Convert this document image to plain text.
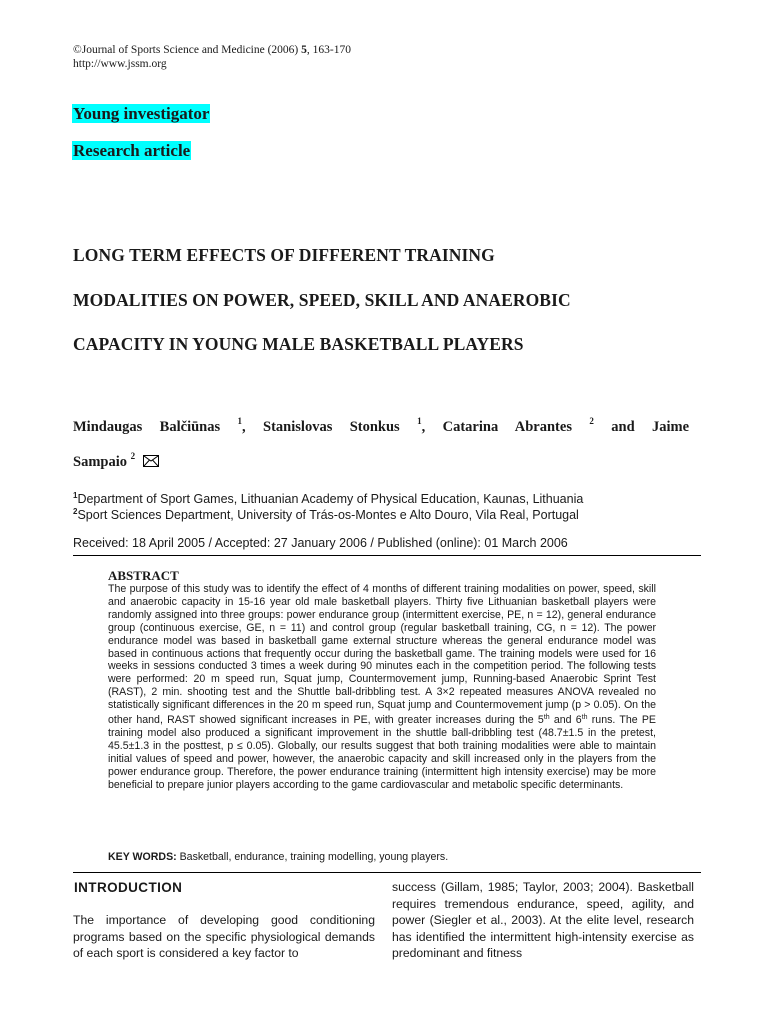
©Journal of Sports Science and Medicine (2006) 5, 163-170
http://www.jssm.org
Young investigator
Research article
LONG TERM EFFECTS OF DIFFERENT TRAINING
MODALITIES ON POWER, SPEED, SKILL AND ANAEROBIC
CAPACITY IN YOUNG MALE BASKETBALL PLAYERS
Mindaugas Balčiūnas $^1$, Stanislovas Stonkus $^1$, Catarina Abrantes $^2$ and Jaime
Sampaio $^2$
$^1$Department of Sport Games, Lithuanian Academy of Physical Education, Kaunas, Lithuania
$^2$Sport Sciences Department, University of Trás-os-Montes e Alto Douro, Vila Real, Portugal
Received: 18 April 2005 / Accepted: 27 January 2006 / Published (online): 01 March 2006
ABSTRACT
The purpose of this study was to identify the effect of 4 months of different training modalities on power, speed, skill and anaerobic capacity in 15-16 year old male basketball players. Thirty five Lithuanian basketball players were randomly assigned into three groups: power endurance group (intermittent exercise, PE, n = 12), general endurance group (continuous exercise, GE, n = 11) and control group (regular basketball training, CG, n = 12). The power endurance model was based in basketball game external structure whereas the general endurance model was based in continuous actions that frequently occur during the basketball game. The training models were used for 16 weeks in sessions conducted 3 times a week during 90 minutes each in the competition period. The following tests were performed: 20 m speed run, Squat jump, Countermovement jump, Running-based Anaerobic Sprint Test (RAST), 2 min. shooting test and the Shuttle ball-dribbling test. A 3×2 repeated measures ANOVA revealed no statistically significant differences in the 20 m speed run, Squat jump and Countermovement jump (p > 0.05). On the other hand, RAST showed significant increases in PE, with greater increases during the 5th and 6th runs. The PE training model also produced a significant improvement in the shuttle ball-dribbling test (48.7±1.5 in the pretest, 45.5±1.3 in the posttest, p ≤ 0.05). Globally, our results suggest that both training modalities were able to maintain initial values of speed and power, however, the anaerobic capacity and skill increased only in the players from the power endurance group. Therefore, the power endurance training (intermittent high intensity exercise) may be more beneficial to prepare junior players according to the game cardiovascular and metabolic specific determinants.
KEY WORDS: Basketball, endurance, training modelling, young players.
INTRODUCTION
The importance of developing good conditioning programs based on the specific physiological demands of each sport is considered a key factor to
success (Gillam, 1985; Taylor, 2003; 2004). Basketball requires tremendous endurance, speed, agility, and power (Siegler et al., 2003). At the elite level, research has identified the intermittent high-intensity exercise as predominant and fitness
